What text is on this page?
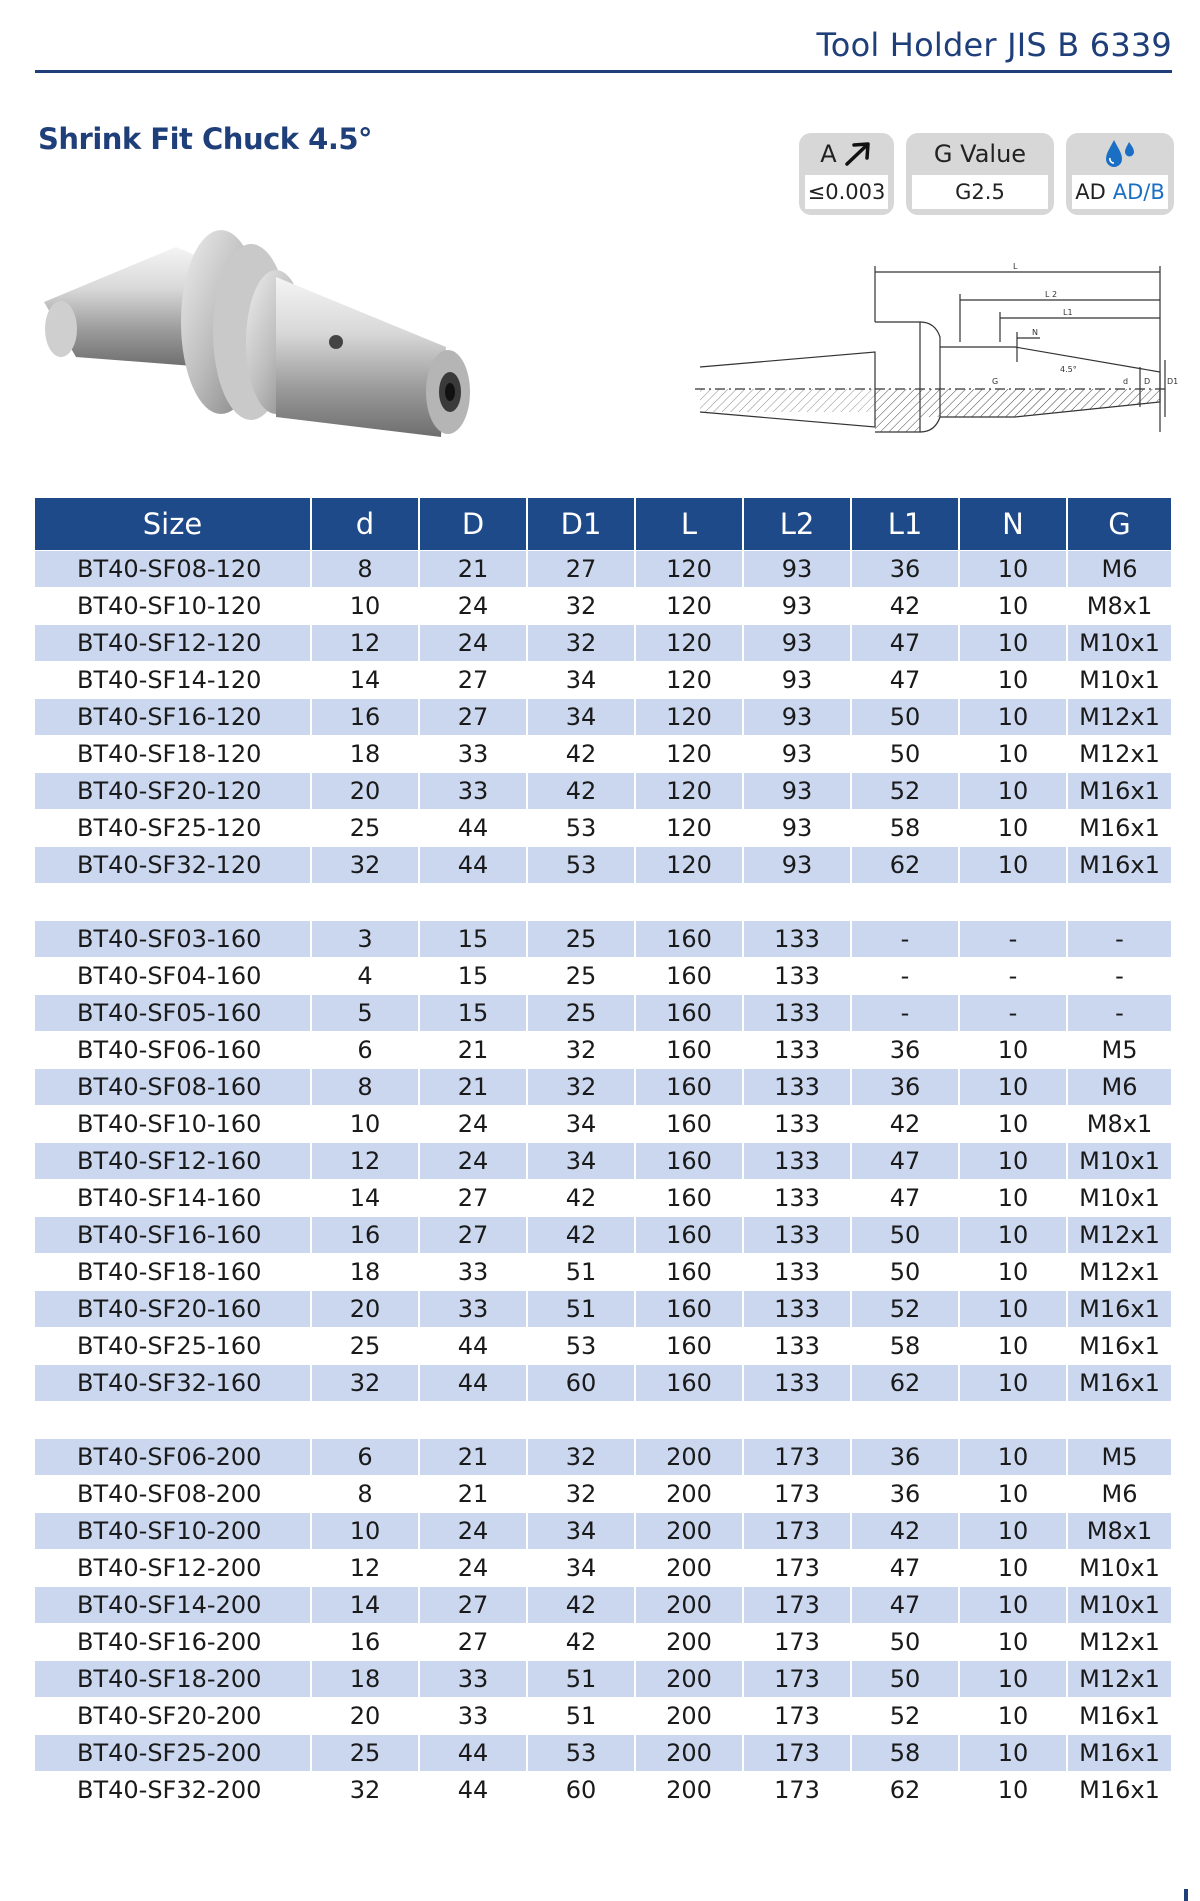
Tool Holder JIS B 6339
Shrink Fit Chuck 4.5°	A
≤0.003
G Value
G2.5	AD AD/B
L
L 2
L1
N
G	d D D1
4.5°
Size	d	D	D1	L	L2	L1	N	G
BT40-SF08-120	8	21	27	120	93	36	10	M6
BT40-SF10-120	10	24	32	120	93	42	10	M8x1
BT40-SF12-120	12	24	32	120	93	47	10	M10x1
BT40-SF14-120	14	27	34	120	93	47	10	M10x1
BT40-SF16-120	16	27	34	120	93	50	10	M12x1
BT40-SF18-120	18	33	42	120	93	50	10	M12x1
BT40-SF20-120	20	33	42	120	93	52	10	M16x1
BT40-SF25-120	25	44	53	120	93	58	10	M16x1
BT40-SF32-120	32	44	53	120	93	62	10	M16x1

BT40-SF03-160	3	15	25	160	133	-	-	-
BT40-SF04-160	4	15	25	160	133	-	-	-
BT40-SF05-160	5	15	25	160	133	-	-	-
BT40-SF06-160	6	21	32	160	133	36	10	M5
BT40-SF08-160	8	21	32	160	133	36	10	M6
BT40-SF10-160	10	24	34	160	133	42	10	M8x1
BT40-SF12-160	12	24	34	160	133	47	10	M10x1
BT40-SF14-160	14	27	42	160	133	47	10	M10x1
BT40-SF16-160	16	27	42	160	133	50	10	M12x1
BT40-SF18-160	18	33	51	160	133	50	10	M12x1
BT40-SF20-160	20	33	51	160	133	52	10	M16x1
BT40-SF25-160	25	44	53	160	133	58	10	M16x1
BT40-SF32-160	32	44	60	160	133	62	10	M16x1

BT40-SF06-200	6	21	32	200	173	36	10	M5
BT40-SF08-200	8	21	32	200	173	36	10	M6
BT40-SF10-200	10	24	34	200	173	42	10	M8x1
BT40-SF12-200	12	24	34	200	173	47	10	M10x1
BT40-SF14-200	14	27	42	200	173	47	10	M10x1
BT40-SF16-200	16	27	42	200	173	50	10	M12x1
BT40-SF18-200	18	33	51	200	173	50	10	M12x1
BT40-SF20-200	20	33	51	200	173	52	10	M16x1
BT40-SF25-200	25	44	53	200	173	58	10	M16x1
BT40-SF32-200	32	44	60	200	173	62	10	M16x1
